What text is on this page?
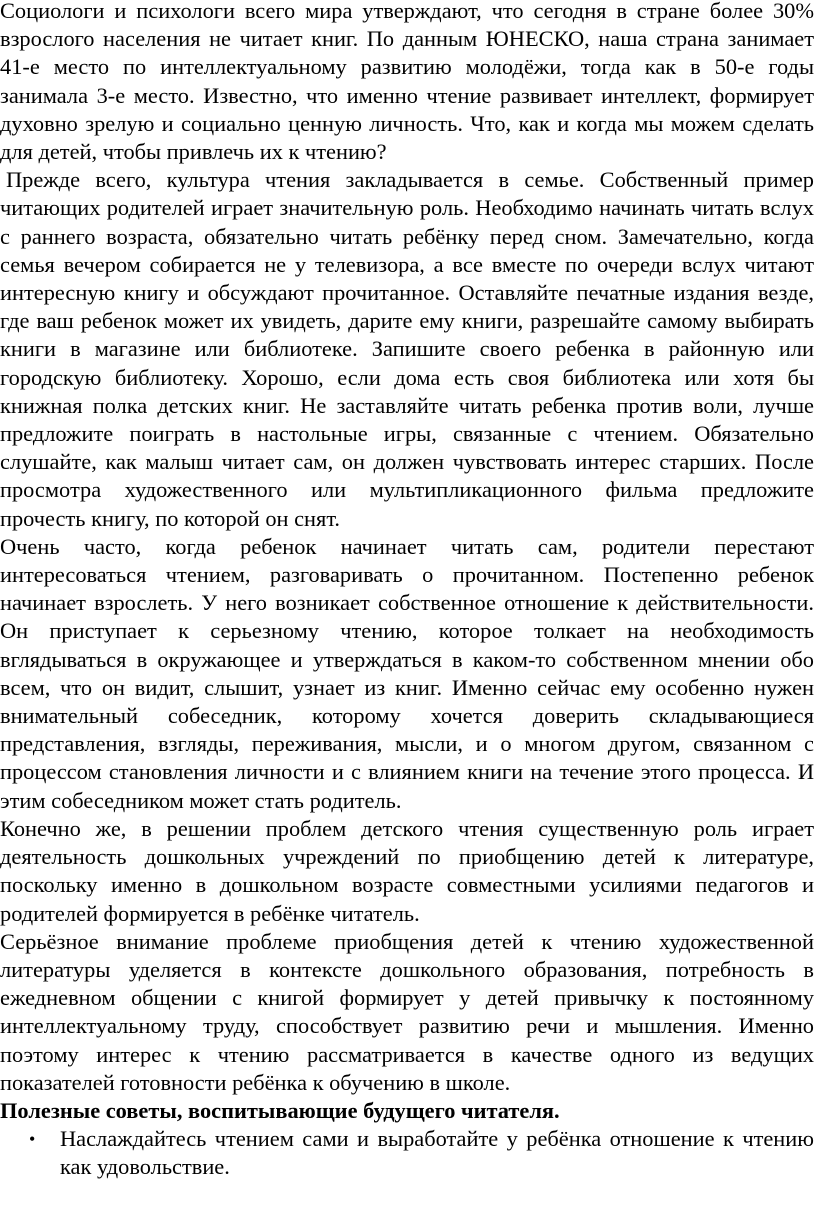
Социологи и психологи всего мира утверждают, что сегодня в стране более 30% взрослого населения не читает книг. По данным ЮНЕСКО, наша страна занимает 41-е место по интеллектуальному развитию молодёжи, тогда как в 50-е годы занимала 3-е место. Известно, что именно чтение развивает интеллект, формирует духовно зрелую и социально ценную личность. Что, как и когда мы можем сделать для детей, чтобы привлечь их к чтению?

Прежде всего, культура чтения закладывается в семье. Собственный пример читающих родителей играет значительную роль. Необходимо начинать читать вслух с раннего возраста, обязательно читать ребёнку перед сном. Замечательно, когда семья вечером собирается не у телевизора, а все вместе по очереди вслух читают интересную книгу и обсуждают прочитанное. Оставляйте печатные издания везде, где ваш ребенок может их увидеть, дарите ему книги, разрешайте самому выбирать книги в магазине или библиотеке. Запишите своего ребенка в районную или городскую библиотеку. Хорошо, если дома есть своя библиотека или хотя бы книжная полка детских книг. Не заставляйте читать ребенка против воли, лучше предложите поиграть в настольные игры, связанные с чтением. Обязательно слушайте, как малыш читает сам, он должен чувствовать интерес старших. После просмотра художественного или мультипликационного фильма предложите прочесть книгу, по которой он снят.

Очень часто, когда ребенок начинает читать сам, родители перестают интересоваться чтением, разговаривать о прочитанном. Постепенно ребенок начинает взрослеть. У него возникает собственное отношение к действительности. Он приступает к серьезному чтению, которое толкает на необходимость вглядываться в окружающее и утверждаться в каком-то собственном мнении обо всем, что он видит, слышит, узнает из книг. Именно сейчас ему особенно нужен внимательный собеседник, которому хочется доверить складывающиеся представления, взгляды, переживания, мысли, и о многом другом, связанном с процессом становления личности и с влиянием книги на течение этого процесса. И этим собеседником может стать родитель.

Конечно же, в решении проблем детского чтения существенную роль играет деятельность дошкольных учреждений по приобщению детей к литературе, поскольку именно в дошкольном возрасте совместными усилиями педагогов и родителей формируется в ребёнке читатель.

Серьёзное внимание проблеме приобщения детей к чтению художественной литературы уделяется в контексте дошкольного образования, потребность в ежедневном общении с книгой формирует у детей привычку к постоянному интеллектуальному труду, способствует развитию речи и мышления. Именно поэтому интерес к чтению рассматривается в качестве одного из ведущих показателей готовности ребёнка к обучению в школе.

Полезные советы, воспитывающие будущего читателя.

• Наслаждайтесь чтением сами и выработайте у ребёнка отношение к чтению как удовольствие.
